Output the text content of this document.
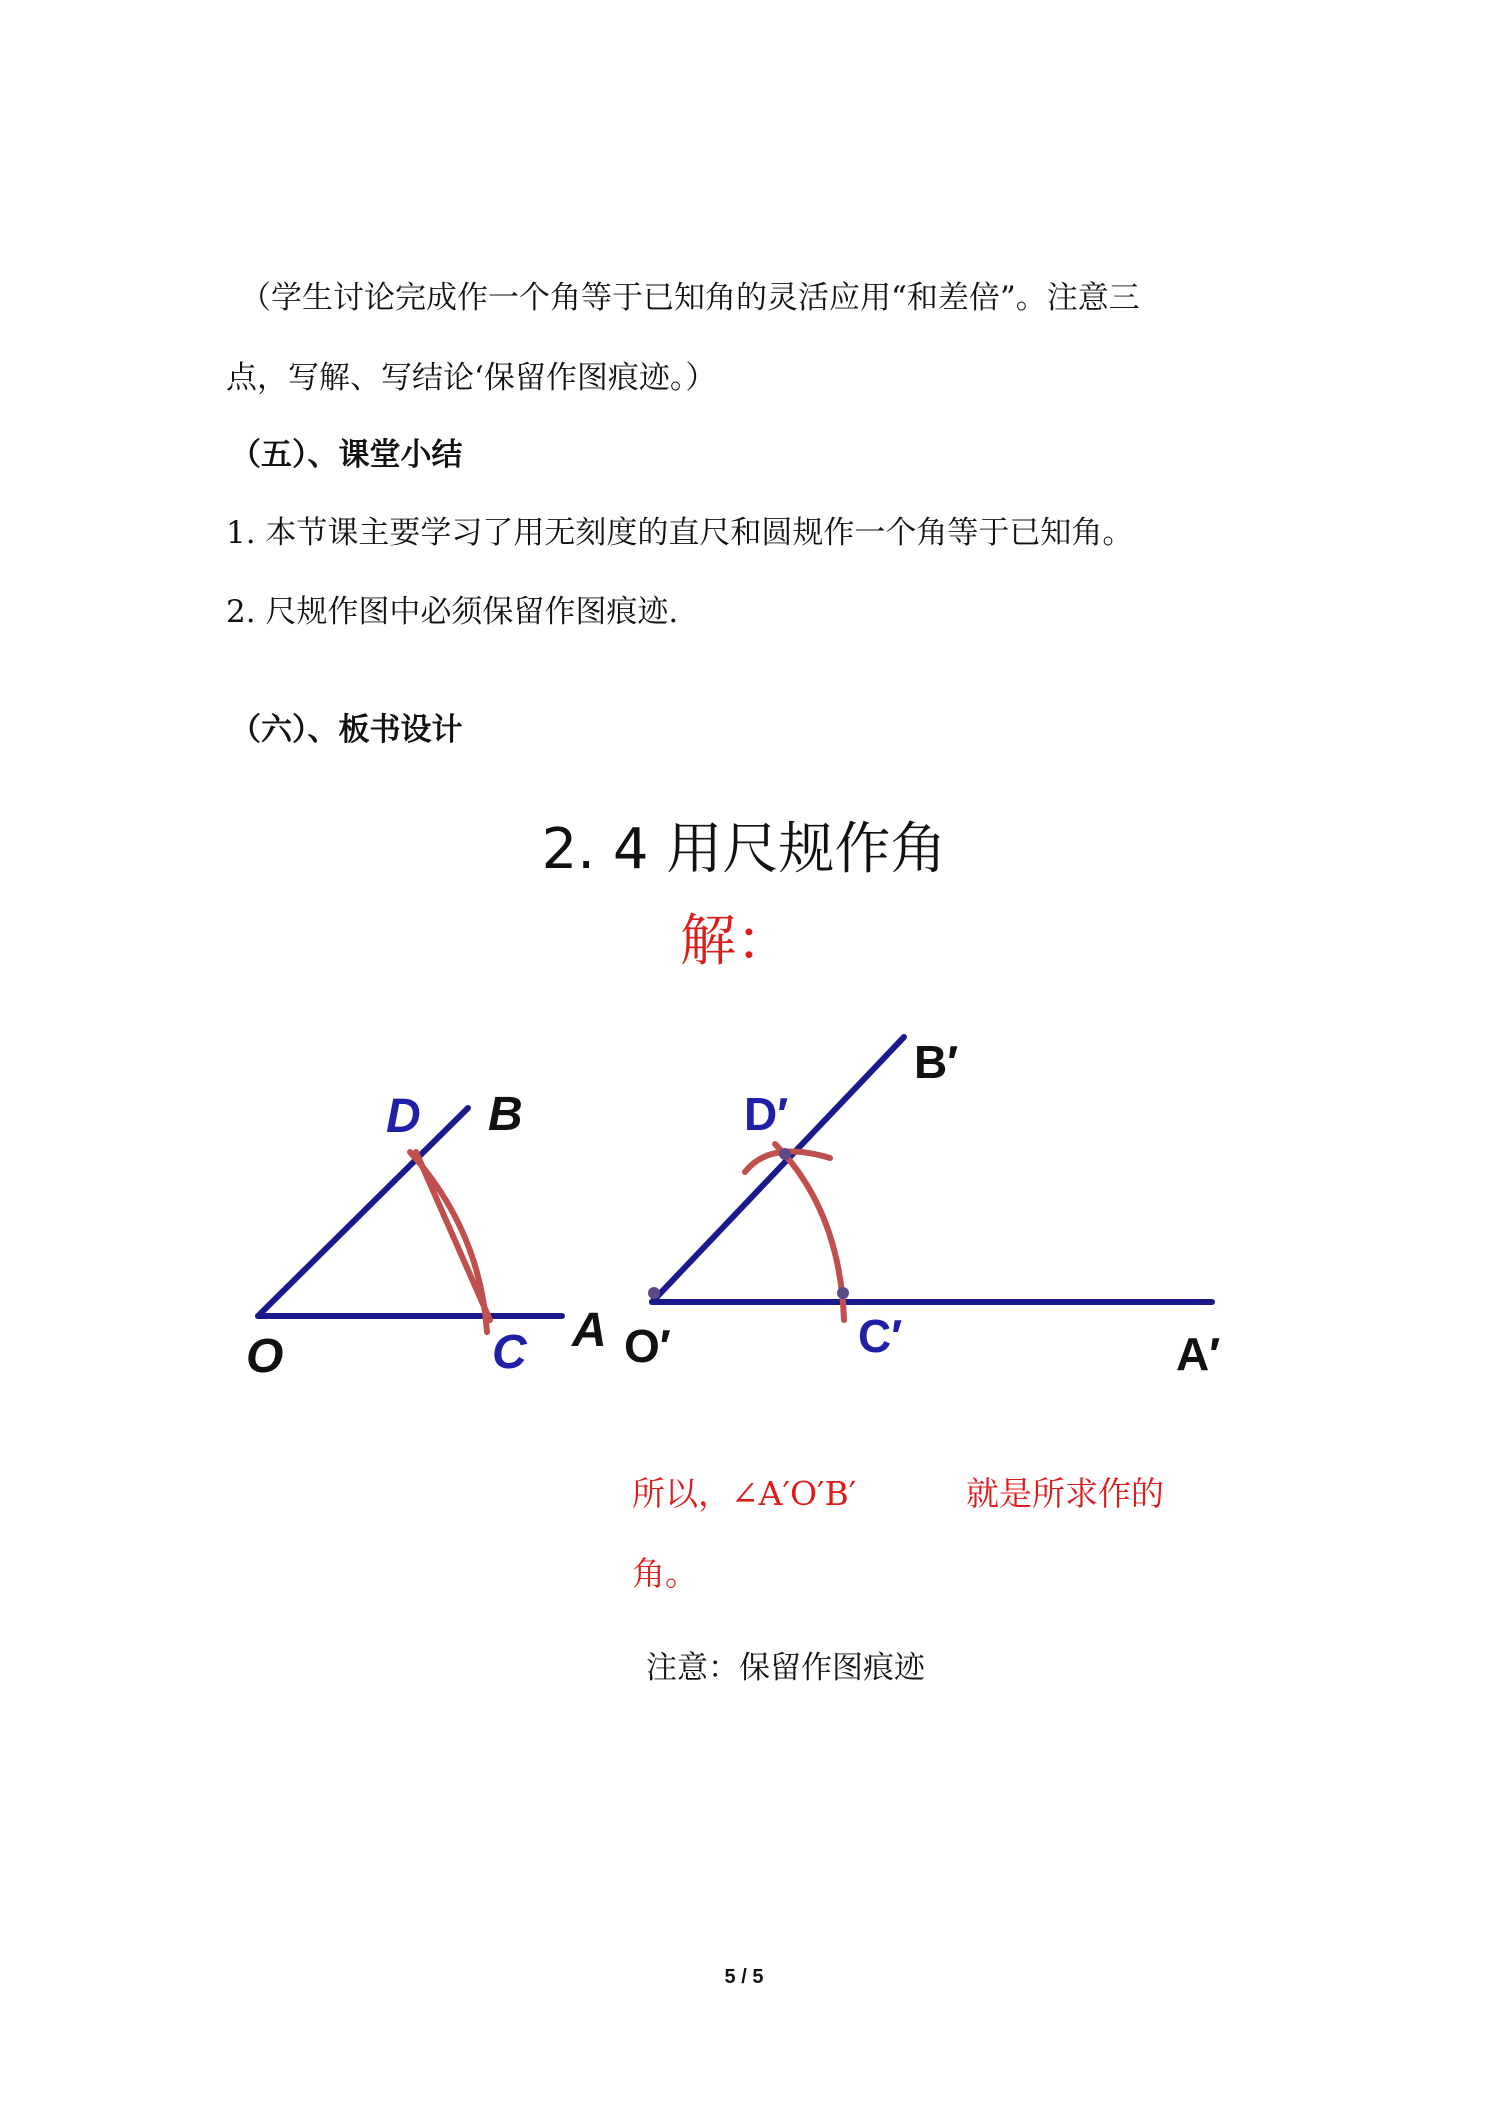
（学生讨论完成作一个角等于已知角的灵活应用“和差倍”。注意三
点，写解、写结论‘保留作图痕迹。）
（五）、课堂小结
1. 本节课主要学习了用无刻度的直尺和圆规作一个角等于已知角。
2. 尺规作图中必须保留作图痕迹.
（六）、板书设计
2. 4 用尺规作角
解：
O	A
B
C
D
O′	A′
B′
C′
D′
所以，∠A′O′B′	就是所求作的
角。
注意：保留作图痕迹
5 / 5
